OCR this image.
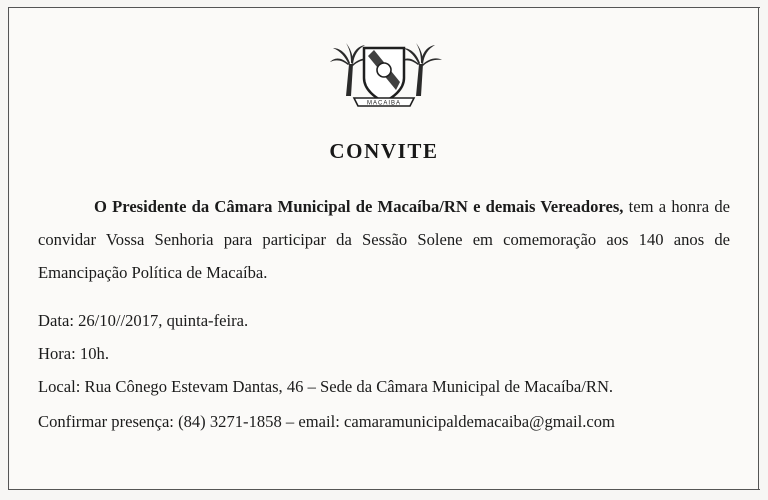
MACAIBA
CONVITE

O Presidente da Câmara Municipal de Macaíba/RN e demais Vereadores, tem a honra de convidar Vossa Senhoria para participar da Sessão Solene em comemoração aos 140 anos de Emancipação Política de Macaíba.

Data: 26/10//2017, quinta-feira.

Hora: 10h.

Local: Rua Cônego Estevam Dantas, 46 – Sede da Câmara Municipal de Macaíba/RN.

Confirmar presença: (84) 3271-1858 – email: camaramunicipaldemacaiba@gmail.com
